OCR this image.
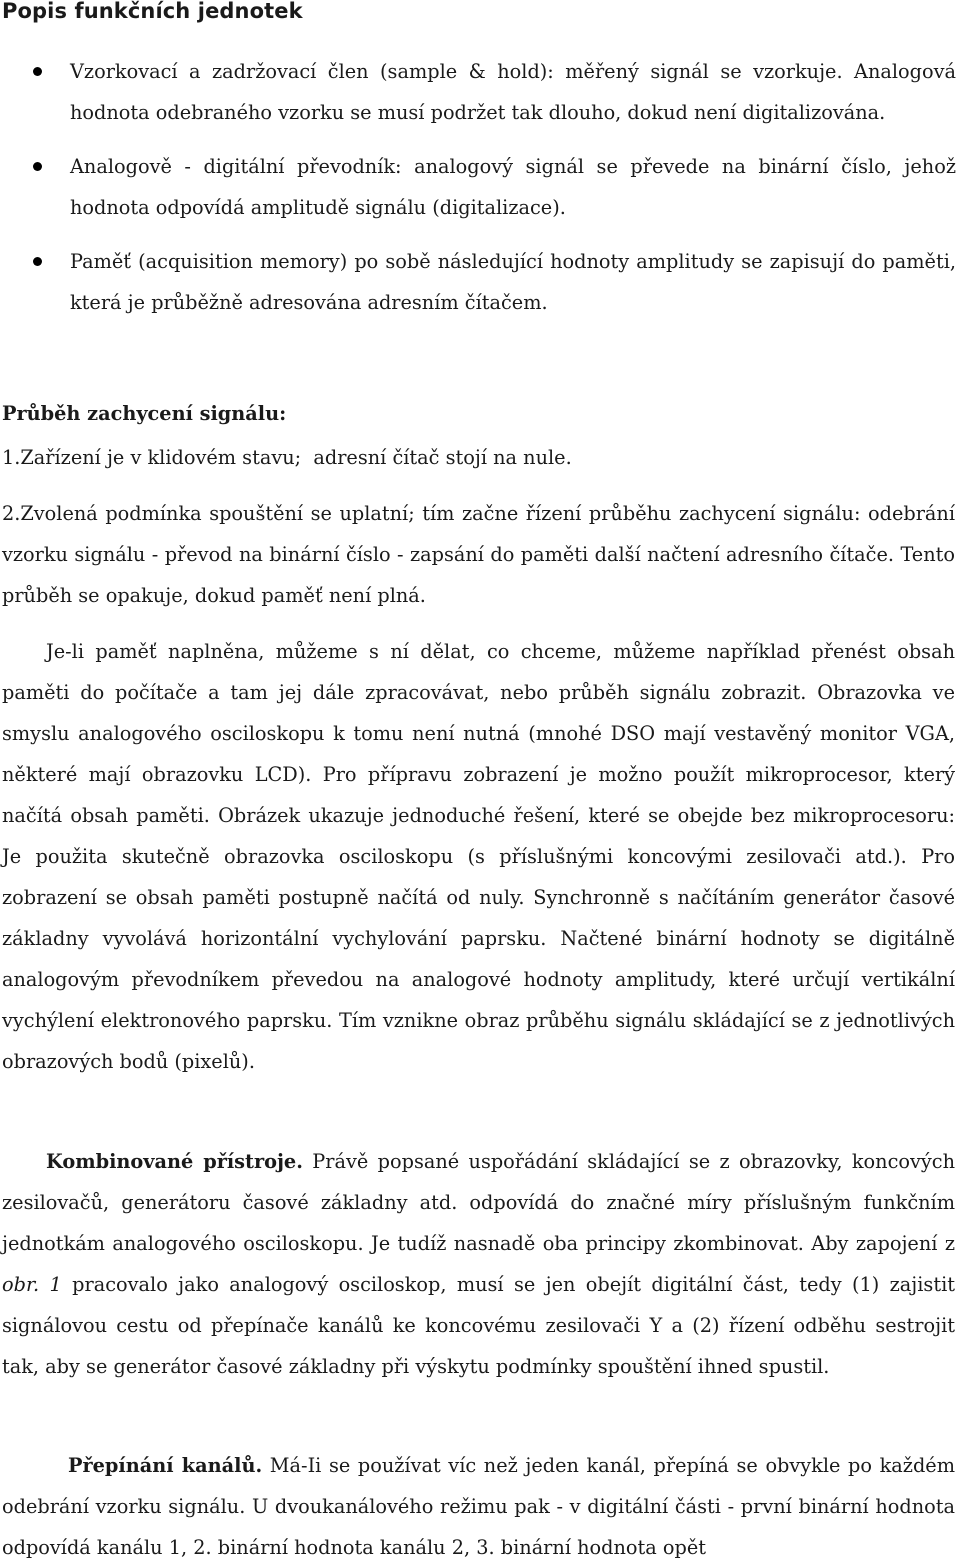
Popis funkčních jednotek
Vzorkovací a zadržovací člen (sample & hold): měřený signál se vzorkuje. Analogová hodnota odebraného vzorku se musí podržet tak dlouho, dokud není digitalizována.
Analogově - digitální převodník: analogový signál se převede na binární číslo, jehož hodnota odpovídá amplitudě signálu (digitalizace).
Paměť (acquisition memory) po sobě následující hodnoty amplitudy se zapisují do paměti, která je průběžně adresována adresním čítačem.
Průběh zachycení signálu:
1.Zařízení je v klidovém stavu;  adresní čítač stojí na nule.

2.Zvolená podmínka spouštění se uplatní; tím začne řízení průběhu zachycení signálu: odebrání vzorku signálu - převod na binární číslo - zapsání do paměti další načtení adresního čítače. Tento průběh se opakuje, dokud paměť není plná.

Je-li paměť naplněna, můžeme s ní dělat, co chceme, můžeme například přenést obsah paměti do počítače a tam jej dále zpracovávat, nebo průběh signálu zobrazit. Obrazovka ve smyslu analogového osciloskopu k tomu není nutná (mnohé DSO mají vestavěný monitor VGA, některé mají obrazovku LCD). Pro přípravu zobrazení je možno použít mikroprocesor, který načítá obsah paměti. Obrázek ukazuje jednoduché řešení, které se obejde bez mikroprocesoru: Je použita skutečně obrazovka osciloskopu (s příslušnými koncovými zesilovači atd.). Pro zobrazení se obsah paměti postupně načítá od nuly. Synchronně s načítáním generátor časové základny vyvolává horizontální vychylování paprsku. Načtené binární hodnoty se digitálně analogovým převodníkem převedou na analogové hodnoty amplitudy, které určují vertikální vychýlení elektronového paprsku. Tím vznikne obraz průběhu signálu skládající se z jednotlivých obrazových bodů (pixelů).

Kombinované přístroje. Právě popsané uspořádání skládající se z obrazovky, koncových zesilovačů, generátoru časové základny atd. odpovídá do značné míry příslušným funkčním jednotkám analogového osciloskopu. Je tudíž nasnadě oba principy zkombinovat. Aby zapojení z obr. 1 pracovalo jako analogový osciloskop, musí se jen obejít digitální část, tedy (1) zajistit signálovou cestu od přepínače kanálů ke koncovému zesilovači Y a (2) řízení odběhu sestrojit tak, aby se generátor časové základny při výskytu podmínky spouštění ihned spustil.

Přepínání kanálů. Má-Ii se používat víc než jeden kanál, přepíná se obvykle po každém odebrání vzorku signálu. U dvoukanálového režimu pak - v digitální části - první binární hodnota odpovídá kanálu 1, 2. binární hodnota kanálu 2, 3. binární hodnota opět
